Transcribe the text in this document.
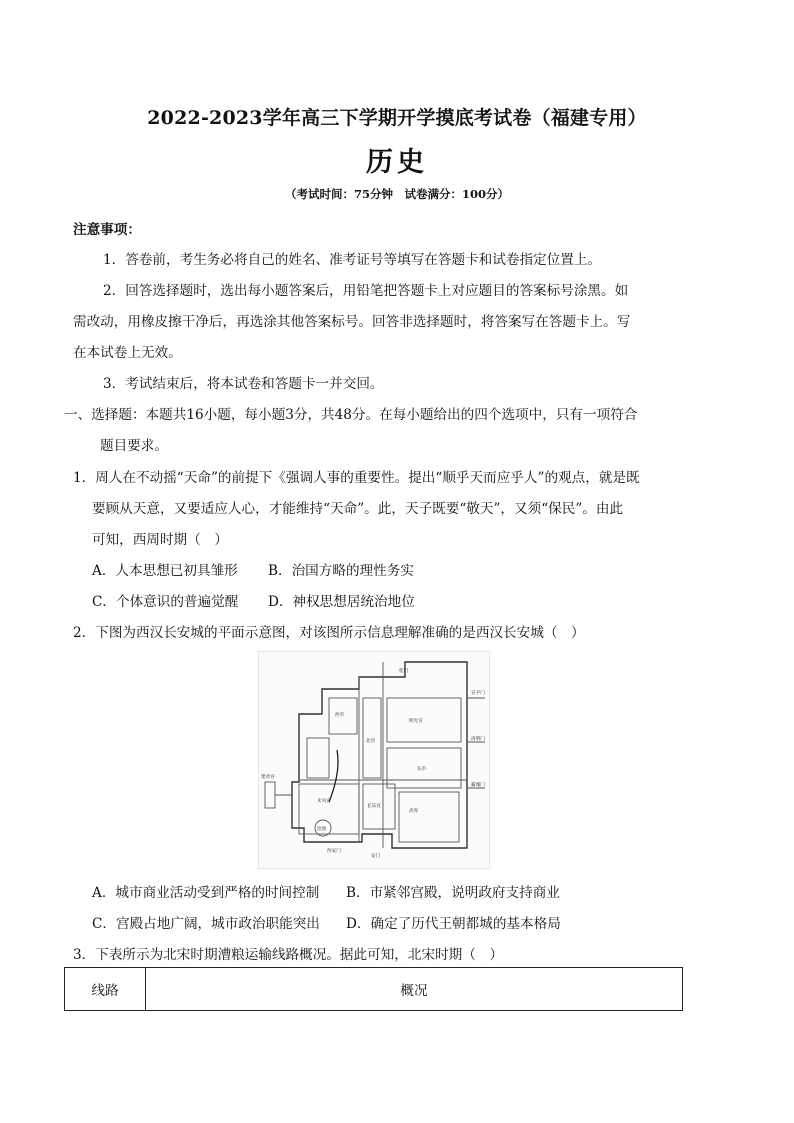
2022-2023学年高三下学期开学摸底考试卷（福建专用）
历史
（考试时间：75分钟　试卷满分：100分）
注意事项：
1．答卷前，考生务必将自己的姓名、准考证号等填写在答题卡和试卷指定位置上。
2．回答选择题时，选出每小题答案后，用铅笔把答题卡上对应题目的答案标号涂黑。如
需改动，用橡皮擦干净后，再选涂其他答案标号。回答非选择题时，将答案写在答题卡上。写
在本试卷上无效。
3．考试结束后，将本试卷和答题卡一并交回。
一、选择题：本题共16小题，每小题3分，共48分。在每小题给出的四个选项中，只有一项符合
题目要求。
1．周人在不动摇“天命”的前提下《强调人事的重要性。提出“顺乎天而应乎人”的观点，就是既
要顾从天意，又要适应人心，才能维持“天命”。此，天子既要“敬天”，又须“保民”。由此
可知，西周时期（　）
A．人本思想已初具雏形 B．治国方略的理性务实
C．个体意识的普遍觉醒 D．神权思想居统治地位
2．下图为西汉长安城的平面示意图，对该图所示信息理解准确的是西汉长安城（　）
桂门
明光宫
宣平门
清明门
霸城门
北宫
东市
西市
未央宫
长乐宫
安门
西安门
建章宫
沧池
武库
A．城市商业活动受到严格的时间控制 B．市紧邻宫殿，说明政府支持商业
C．宫殿占地广阔，城市政治职能突出 D．确定了历代王朝都城的基本格局
3．下表所示为北宋时期漕粮运输线路概况。据此可知，北宋时期（　）
线路	概况
